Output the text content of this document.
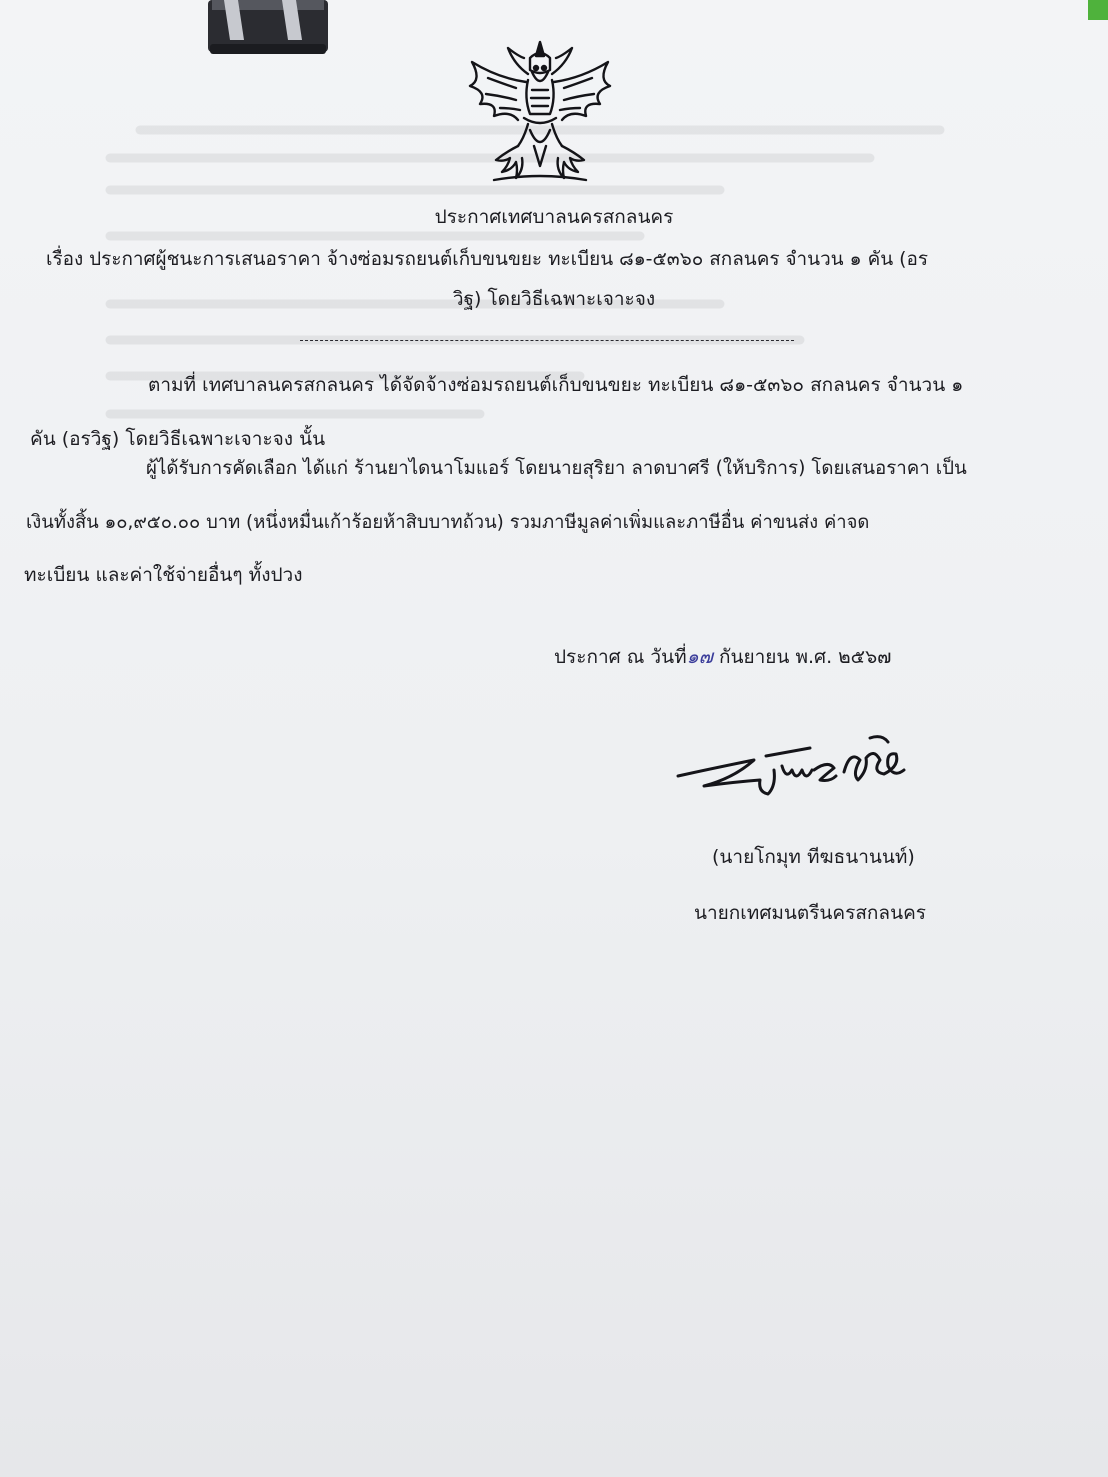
ประกาศเทศบาลนครสกลนคร
เรื่อง ประกาศผู้ชนะการเสนอราคา จ้างซ่อมรถยนต์เก็บขนขยะ ทะเบียน ๘๑-๕๓๖๐ สกลนคร จำนวน ๑ คัน (อร
วิฐ) โดยวิธีเฉพาะเจาะจง
ตามที่ เทศบาลนครสกลนคร ได้จัดจ้างซ่อมรถยนต์เก็บขนขยะ ทะเบียน ๘๑-๕๓๖๐ สกลนคร จำนวน ๑
คัน (อรวิฐ) โดยวิธีเฉพาะเจาะจง นั้น
ผู้ได้รับการคัดเลือก ได้แก่ ร้านยาไดนาโมแอร์ โดยนายสุริยา ลาดบาศรี (ให้บริการ) โดยเสนอราคา เป็น
เงินทั้งสิ้น ๑๐,๙๕๐.๐๐ บาท (หนึ่งหมื่นเก้าร้อยห้าสิบบาทถ้วน) รวมภาษีมูลค่าเพิ่มและภาษีอื่น ค่าขนส่ง ค่าจด
ทะเบียน และค่าใช้จ่ายอื่นๆ ทั้งปวง
ประกาศ ณ วันที่๑๗ กันยายน พ.ศ. ๒๕๖๗
(นายโกมุท ทีฆธนานนท์)
นายกเทศมนตรีนครสกลนคร
